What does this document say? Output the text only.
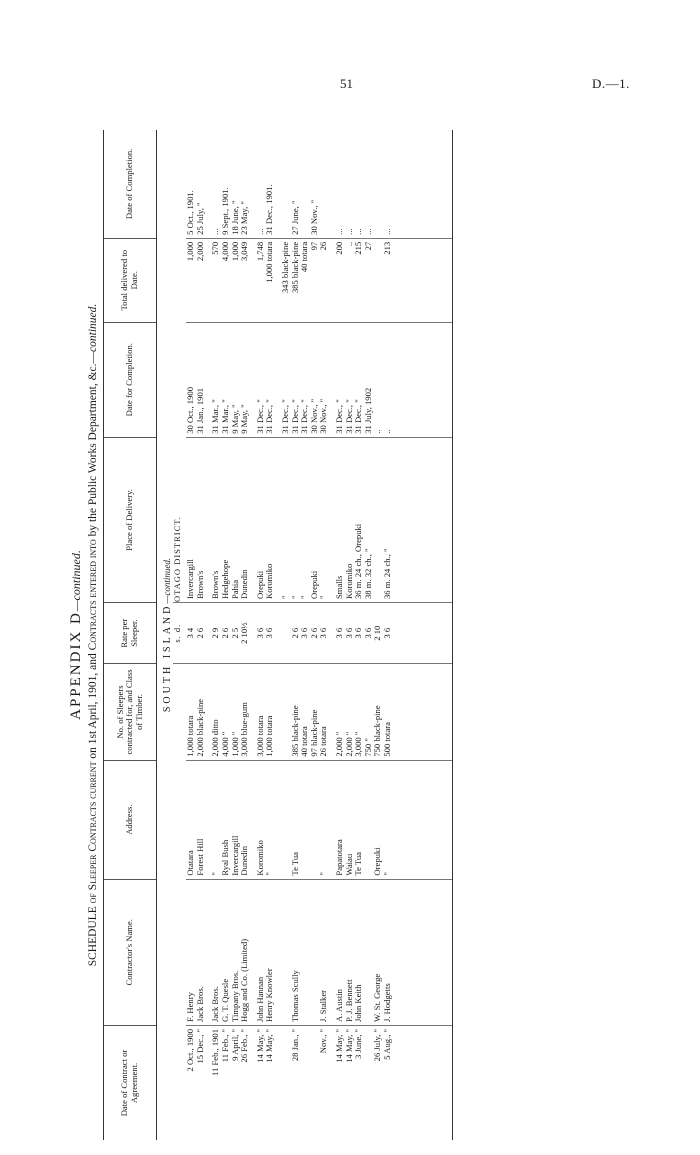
51	D.—1.
APPENDIX D—continued.
SCHEDULE of Sleeper Contracts current on 1st April, 1901, and Contracts entered into by the Public Works Department, &c.—continued.
Date of Contract or Agreement.	Contractor's Name.	Address.	No. of Sleepers contracted for, and Class of Timber.	Rate per Sleeper.	Place of Delivery.	Date for Completion.	Total delivered to Date.	Date of Completion.
SOUTH ISLAND—continued.								
				s. d.	OTAGO DISTRICT.			
2 Oct., 1900	F. Henry	Otatara	1,000 totara	3 4	Invercargill	30 Oct., 1900	1,000	5 Oct., 1901.
15 Dec., "	Jack Bros.	Forest Hill	2,000 black-pine	2 6	Brown's	31 Jan., 1901	2,000	25 July, "

11 Feb., 1901	Jack Bros.	"	2,000 ditto	2 9	Brown's	31 Mar., "	570	...
11 Feb., "	G. T. Quesle	Ryal Bush	4,000 "	2 6	Hedgehope	31 Mar., "	4,000	9 Sept., 1901.
9 April, "	Timpany Bros.	Invercargill	1,000 "	2 5	Pahia	9 May, "	1,000	18 June, "
26 Feb., "	Hogg and Co. (Limited)	Dunedin	3,000 blue-gum	2 10½	Dunedin	9 May, "	3,049	23 May, "

14 May, "	John Hannan	Koromiko	3,000 totara	3 6	Orepuki	31 Dec., "	1,748	...
14 May, "	Henry Knowler	"	1,000 totara	3 6	Koromiko	31 Dec., "	1,000 totara	31 Dec., 1901.

					"	31 Dec., "	343 black-pine	
28 Jan., "	Thomas Scully	Te Tua	385 black-pine	2 6	"	31 Dec., "	385 black-pine	27 June, "
			40 totara	3 6	"	31 Dec., "	40 totara	
			97 black-pine	2 6	Orepuki	30 Nov., "	97	30 Nov., "
Nov., "	J. Stalker	"	26 totara	3 6	"	30 Nov., "	26	

14 May, "	A. Austin	Papatotara	2,000 "	3 6	Smalls	31 Dec., "	200	...
14 May, "	P. J. Bennett	Waiau	2,000 "	3 6	Koromiko	31 Dec., "	..	...
3 June, "	John Keith	Te Tua	3,000 "	3 6	36 m. 24 ch., Orepuki	31 Dec., "	215	...
			750 "	3 6	38 m. 32 ch., "	31 July, 1902	27	...
26 July, "	W. St. George	Orepuki	750 black-pine	2 10		..		
5 Aug., "	J. Hodgetts	"	500 totara	3 6	36 m. 24 ch., "	..	213	...
